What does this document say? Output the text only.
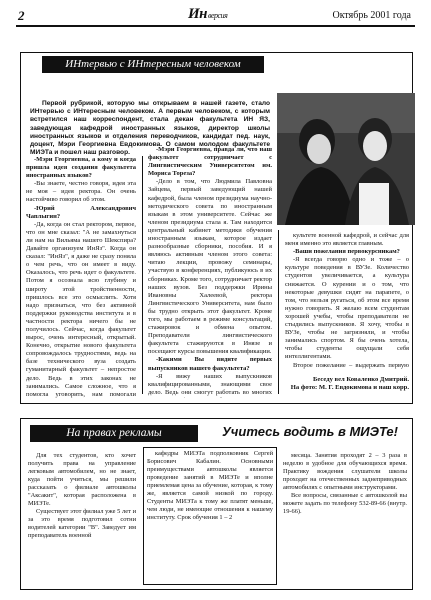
2	Инверсия	Октябрь 2001 года
ИНтервью с ИНтересным человеком
Первой рубрикой, которую мы открываем в нашей газете, стало ИНтервью с ИНтересным человеком. А первым человеком, с которым встретился наш корреспондент, стала декан факультета ИН ЯЗ, заведующая кафедрой иностранных языков, директор школы иностранных языков и отделения переводчиков, кандидат пед. наук, доцент, Мэри Георгиевна Евдокимова. О самом молодом факультете МИЭТа и пошел наш разговор.

-Мэри Георгиевна, а кому и когда пришла идея создания факультета иностранных языков?

-Вы знаете, честно говоря, идея эта не моя – идея ректора. Он очень настойчиво говорил об этом.

-Юрий Александрович Чаплыгин?

-Да, когда он стал ректором, первое, что он мне сказал: "А не замахнуться ли нам на Вильяма нашего Шекспира? Давайте организуем ИнЯз". Когда он сказал: "ИнЯз", я даже не сразу поняла о чем речь, что он имеет в виду. Оказалось, что речь идет о факультете. Потом я осознала всю глубину и широту этой тройственности, пришлось все это осмыслить. Хотя надо признаться, что без активной поддержки руководства института и в частности ректора ничего бы не получилось. Сейчас, когда факультет вырос, очень интересный, открытый. Конечно, открытие нового факультета сопровождалось трудностями, ведь на базе технического вуза создать гуманитарный факультет – непростое дело. Ведь в этих законах не занимались. Самое сложное, что я помогла уговорить, нам помогали

-Мэри Георгиевна, правда ли, что наш факультет сотрудничает с Лингвистическим Университетом им. Мориса Тореза?

-Дело в том, что Людмила Павловна Зайцева, первый заведующий нашей кафедрой, была членом президиума научно-методического совета по иностранным языкам в этом университете. Сейчас же членом президиума стала я. Там находится центральный кабинет методики обучения иностранным языкам, которое издает разнообразные сборники, пособия. И я являюсь активным членом этого совета: читаю лекции, провожу семинары, участвую в конференциях, публикуюсь в их сборниках. Кроме того, сотрудничает ректор наших вузов. Без поддержки Ирины Ивановны Халеевой, ректора Лингвистического Университета, нам было бы трудно открыть этот факультет. Кроме того, мы работаем в режиме консультаций, стажировок и обмена опытом. Преподаватели лингвистического факультета стажируются в Инязе и посещают курсы повышения квалификации.

-Какими Вы видите первых выпускников нашего факультета?

-Я вижу наших выпускников квалифицированными, знающими свое дело. Ведь они смогут работать во многих

культете военной кафедрой, и сейчас для меня именно это является главным.

-Ваши пожелания первокурсникам?

-Я всегда говорю одно и тоже – о культуре поведения в ВУЗе. Количество студентов увеличивается, а культура снижается. О курении и о том, что некоторые девушки сидят на парапете, о том, что нельзя ругаться, об этом все время нужно говорить. Я желаю всем студентам хорошей учебы, чтобы преподаватели не стыдились выпускников. Я хочу, чтобы в ВУЗе, чтобы не загрязняли, и чтобы занимались спортом. Я бы очень хотела, чтобы студенты ощущали себя интеллигентами.

Второе пожелание – выдержать первую

Беседу вел Коваленко Дмитрий.
На фото: М. Г. Евдокимова и наш корр.
На правах рекламы	Учитесь водить в МИЭТе!

Для тех студентов, кто хочет получить права на управление легковым автомобилем, но не знает, куда пойти учиться, мы решили рассказать о филиале автошколы "Аксакит", которая расположена в МИЭТе.

Существует этот филиал уже 5 лет и за это время подготовил сотни водителей категории "В". Заведует им преподаватель военной

кафедры МИЭТа подполковник Сергей Борисович Кабалин. Основными преимуществами автошколы является проведение занятий в МИЭТе и вполне приемлемая цена за обучение, которая, к тому же, является самой низкой по городу. Студенты МИЭТа к тому же платят меньше, чем люди, не имеющие отношения к нашему институту. Срок обучения 1 – 2

месяца. Занятия проходят 2 – 3 раза в неделю в удобное для обучающихся время. Практику вождения слушатели школы проходят на отечественных заднеприводных автомобилях с опытными инструкторами.

Все вопросы, связанные с автошколой вы можете задать по телефону 532-89-66 (внутр. 19-66).
